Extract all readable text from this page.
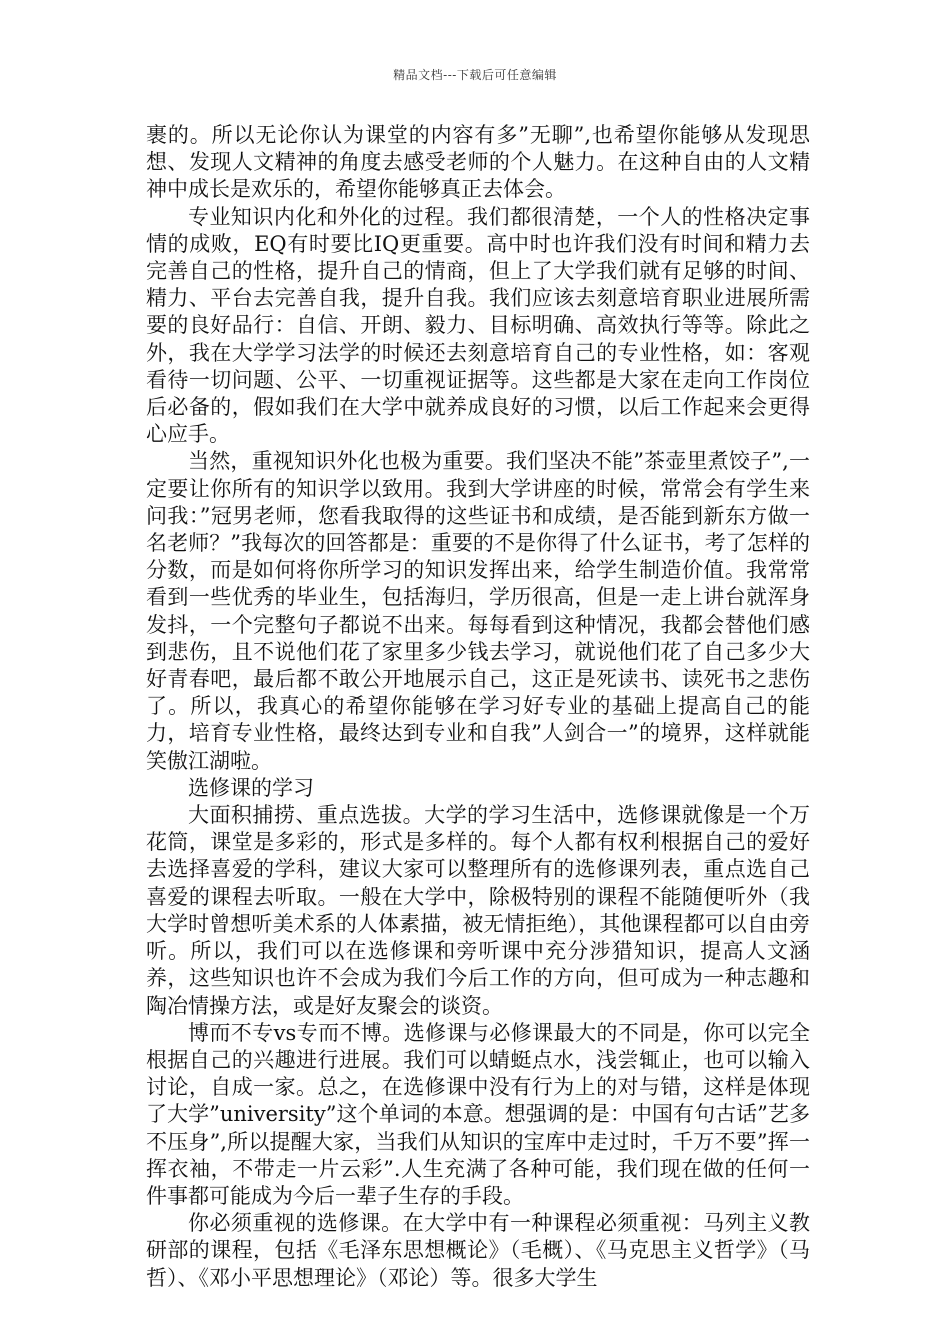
精品文档---下载后可任意编辑

裹的。所以无论你认为课堂的内容有多”无聊”,也希望你能够从发现思想、发现人文精神的角度去感受老师的个人魅力。在这种自由的人文精神中成长是欢乐的，希望你能够真正去体会。

专业知识内化和外化的过程。我们都很清楚，一个人的性格决定事情的成败，EQ有时要比IQ更重要。高中时也许我们没有时间和精力去完善自己的性格，提升自己的情商，但上了大学我们就有足够的时间、精力、平台去完善自我，提升自我。我们应该去刻意培育职业进展所需要的良好品行：自信、开朗、毅力、目标明确、高效执行等等。除此之外，我在大学学习法学的时候还去刻意培育自己的专业性格，如：客观看待一切问题、公平、一切重视证据等。这些都是大家在走向工作岗位后必备的，假如我们在大学中就养成良好的习惯，以后工作起来会更得心应手。

当然，重视知识外化也极为重要。我们坚决不能”茶壶里煮饺子”,一定要让你所有的知识学以致用。我到大学讲座的时候，常常会有学生来问我：”冠男老师，您看我取得的这些证书和成绩，是否能到新东方做一名老师？”我每次的回答都是：重要的不是你得了什么证书，考了怎样的分数，而是如何将你所学习的知识发挥出来，给学生制造价值。我常常看到一些优秀的毕业生，包括海归，学历很高，但是一走上讲台就浑身发抖，一个完整句子都说不出来。每每看到这种情况，我都会替他们感到悲伤，且不说他们花了家里多少钱去学习，就说他们花了自己多少大好青春吧，最后都不敢公开地展示自己，这正是死读书、读死书之悲伤了。所以，我真心的希望你能够在学习好专业的基础上提高自己的能力，培育专业性格，最终达到专业和自我”人剑合一”的境界，这样就能笑傲江湖啦。

选修课的学习

大面积捕捞、重点选拔。大学的学习生活中，选修课就像是一个万花筒，课堂是多彩的，形式是多样的。每个人都有权利根据自己的爱好去选择喜爱的学科，建议大家可以整理所有的选修课列表，重点选自己喜爱的课程去听取。一般在大学中，除极特别的课程不能随便听外（我大学时曾想听美术系的人体素描，被无情拒绝），其他课程都可以自由旁听。所以，我们可以在选修课和旁听课中充分涉猎知识，提高人文涵养，这些知识也许不会成为我们今后工作的方向，但可成为一种志趣和陶冶情操方法，或是好友聚会的谈资。

博而不专vs专而不博。选修课与必修课最大的不同是，你可以完全根据自己的兴趣进行进展。我们可以蜻蜓点水，浅尝辄止，也可以输入讨论，自成一家。总之，在选修课中没有行为上的对与错，这样是体现了大学”university”这个单词的本意。想强调的是：中国有句古话”艺多不压身”,所以提醒大家，当我们从知识的宝库中走过时，千万不要”挥一挥衣袖，不带走一片云彩”.人生充满了各种可能，我们现在做的任何一件事都可能成为今后一辈子生存的手段。

你必须重视的选修课。在大学中有一种课程必须重视：马列主义教研部的课程，包括《毛泽东思想概论》（毛概）、《马克思主义哲学》（马哲）、《邓小平思想理论》（邓论）等。很多大学生
